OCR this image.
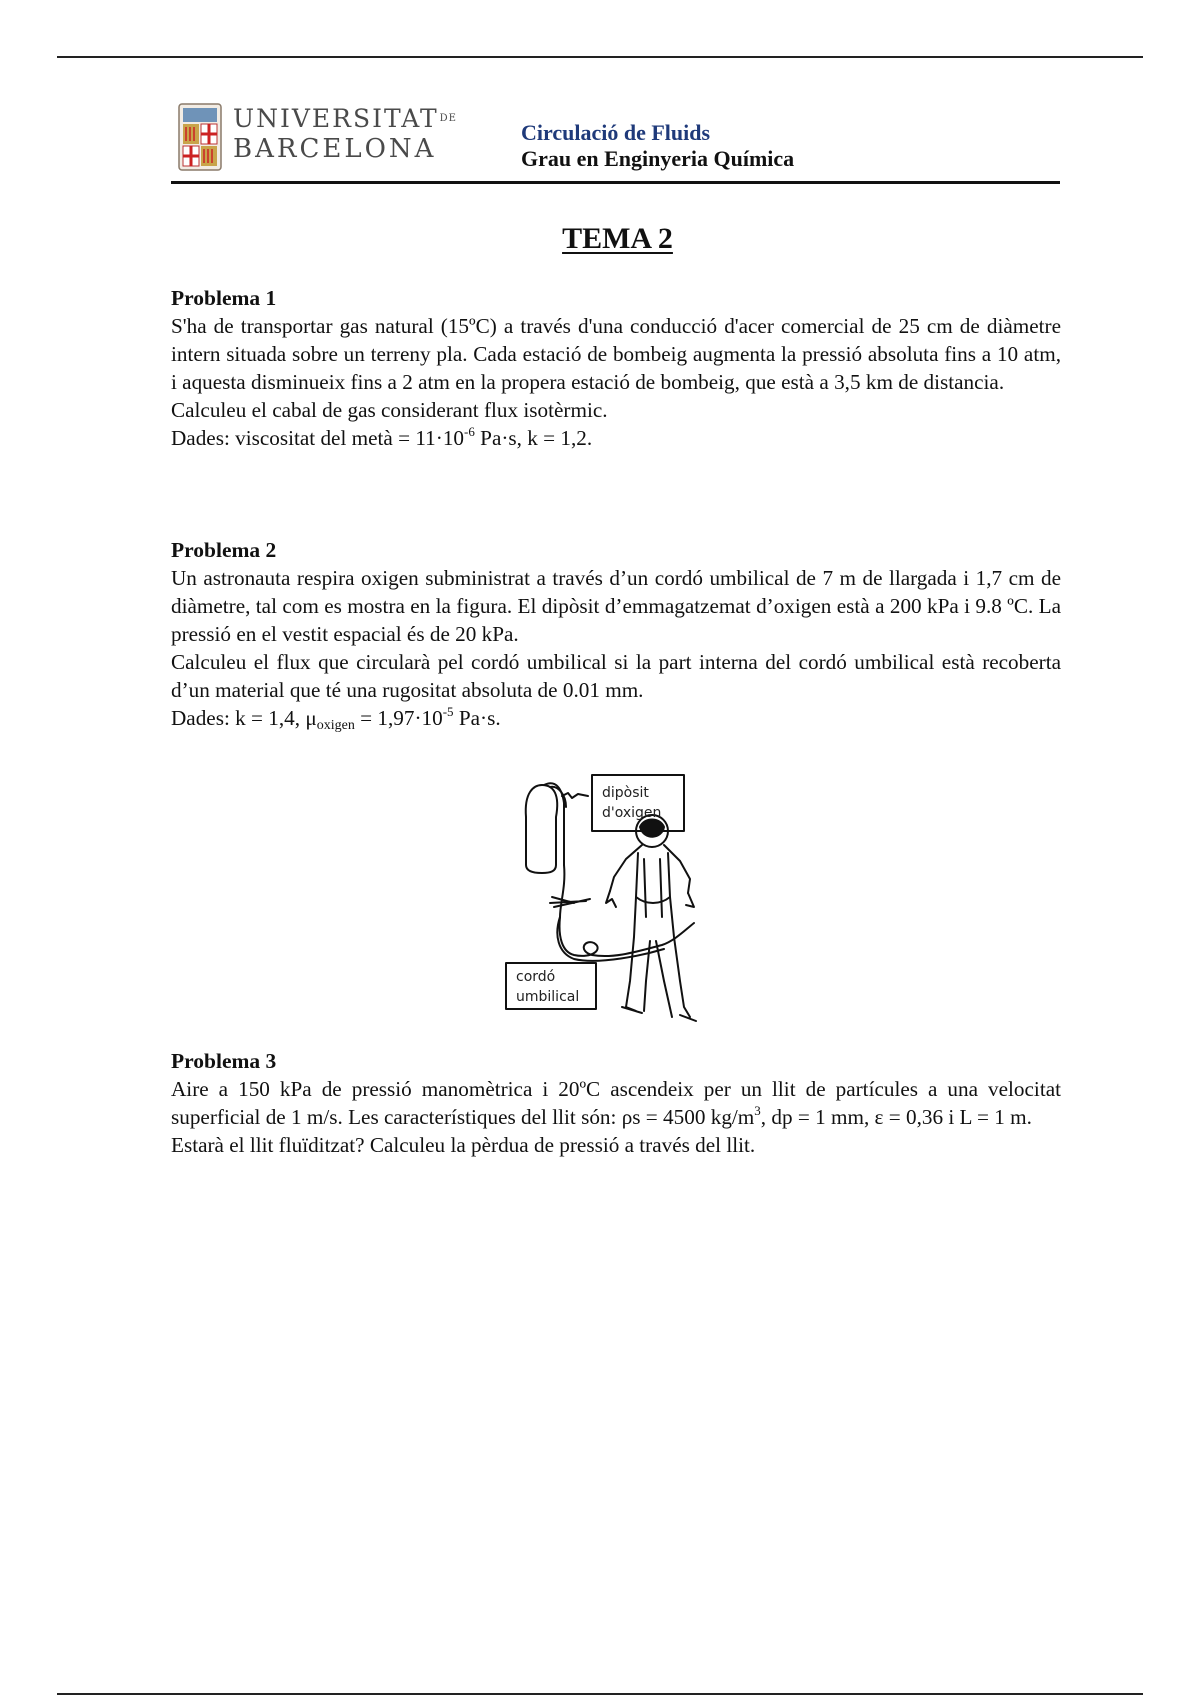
$UNIVERSITAT^{DE}$
BARCELONA
Circulació de Fluids
Grau en Enginyeria Química
TEMA 2
Problema 1

S'ha de transportar gas natural (15ºC) a través d'una conducció d'acer comercial de 25 cm de diàmetre intern situada sobre un terreny pla. Cada estació de bombeig augmenta la pressió absoluta fins a 10 atm, i aquesta disminueix fins a 2 atm en la propera estació de bombeig, que està a 3,5 km de distancia.

Calculeu el cabal de gas considerant flux isotèrmic.

Dades: viscositat del metà = $11\cdot 10^{-6}$ Pa·s, k = 1,2.

Problema 2

Un astronauta respira oxigen subministrat a través d’un cordó umbilical de 7 m de llargada i 1,7 cm de diàmetre, tal com es mostra en la figura. El dipòsit d’emmagatzemat d’oxigen està a 200 kPa i 9.8 ºC. La pressió en el vestit espacial és de 20 kPa.

Calculeu el flux que circularà pel cordó umbilical si la part interna del cordó umbilical està recoberta d’un material que té una rugositat absoluta de 0.01 mm.

Dades: k = 1,4, $\mu_{oxigen} = 1,97\cdot 10^{-5}$ Pa·s.

dipòsit
d'oxigen
cordó
umbilical
Problema 3

Aire a 150 kPa de pressió manomètrica i 20ºC ascendeix per un llit de partícules a una velocitat superficial de 1 m/s. Les característiques del llit són: ρs = 4500 $kg/m^3$, dp = 1 mm, ε = 0,36 i L = 1 m.

Estarà el llit fluïditzat? Calculeu la pèrdua de pressió a través del llit.
